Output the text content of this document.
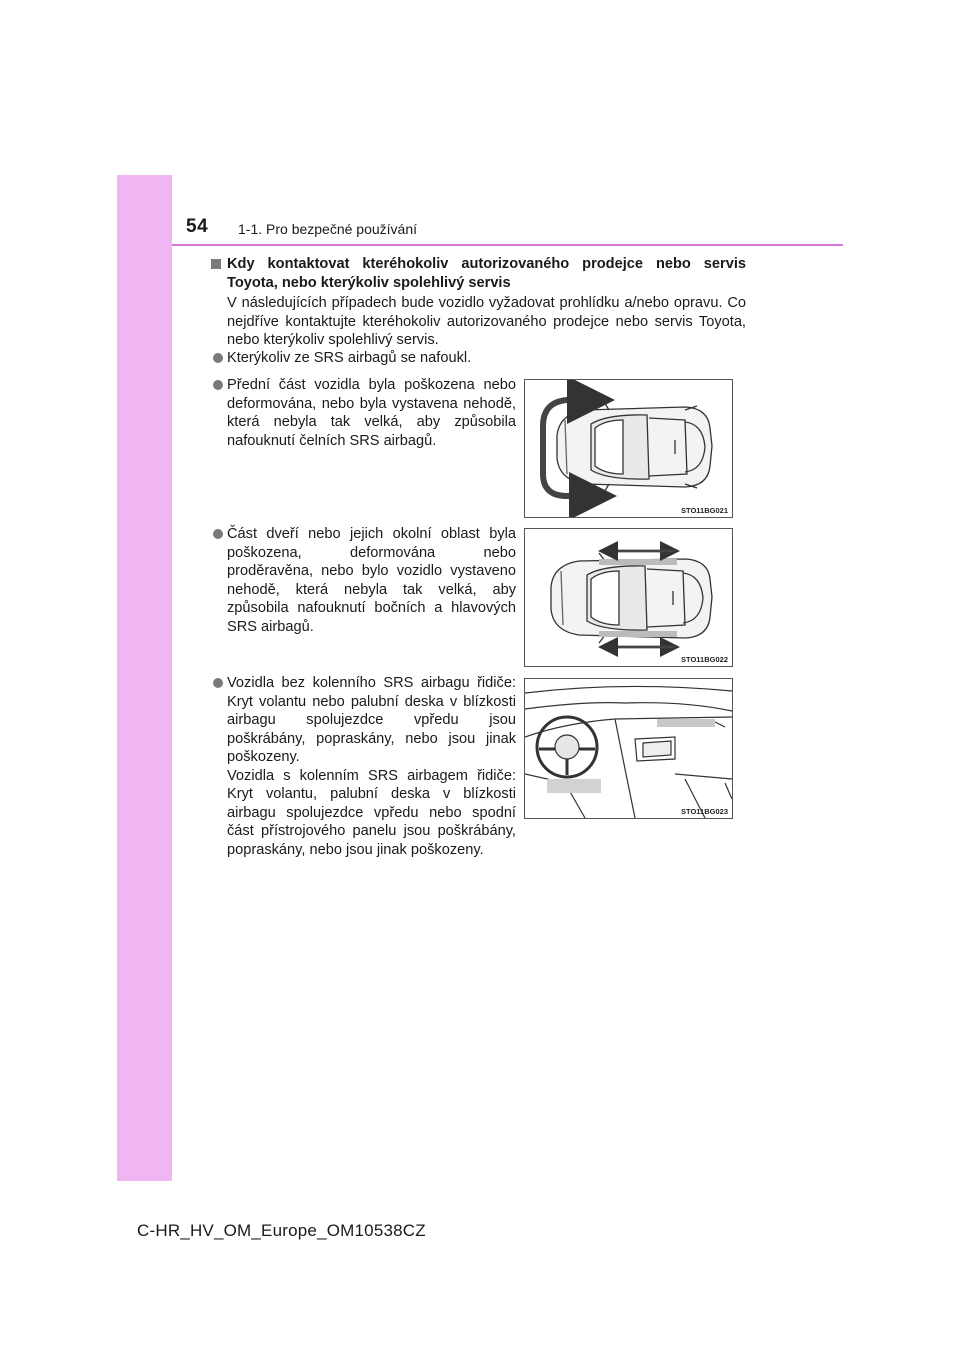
54 1-1. Pro bezpečné používání
Kdy kontaktovat kteréhokoliv autorizovaného prodejce nebo servis Toyota, nebo kterýkoliv spolehlivý servis
V následujících případech bude vozidlo vyžadovat prohlídku a/nebo opravu. Co nejdříve kontaktujte kteréhokoliv autorizovaného prodejce nebo servis Toyota, nebo kterýkoliv spolehlivý servis.
Kterýkoliv ze SRS airbagů se nafoukl.
Přední část vozidla byla poškozena nebo deformována, nebo byla vystavena nehodě, která nebyla tak velká, aby způsobila nafouknutí čelních SRS airbagů.
STO11BG021
Část dveří nebo jejich okolní oblast byla poškozena, deformována nebo proděravěna, nebo bylo vozidlo vystaveno nehodě, která nebyla tak velká, aby způsobila nafouknutí bočních a hlavových SRS airbagů.
STO11BG022
Vozidla bez kolenního SRS airbagu řidiče: Kryt volantu nebo palubní deska v blízkosti airbagu spolujezdce vpředu jsou poškrábány, popraskány, nebo jsou jinak poškozeny.
Vozidla s kolenním SRS airbagem řidiče: Kryt volantu, palubní deska v blízkosti airbagu spolujezdce vpředu nebo spodní část přístrojového panelu jsou poškrábány, popraskány, nebo jsou jinak poškozeny.
STO11BG023
C-HR_HV_OM_Europe_OM10538CZ
